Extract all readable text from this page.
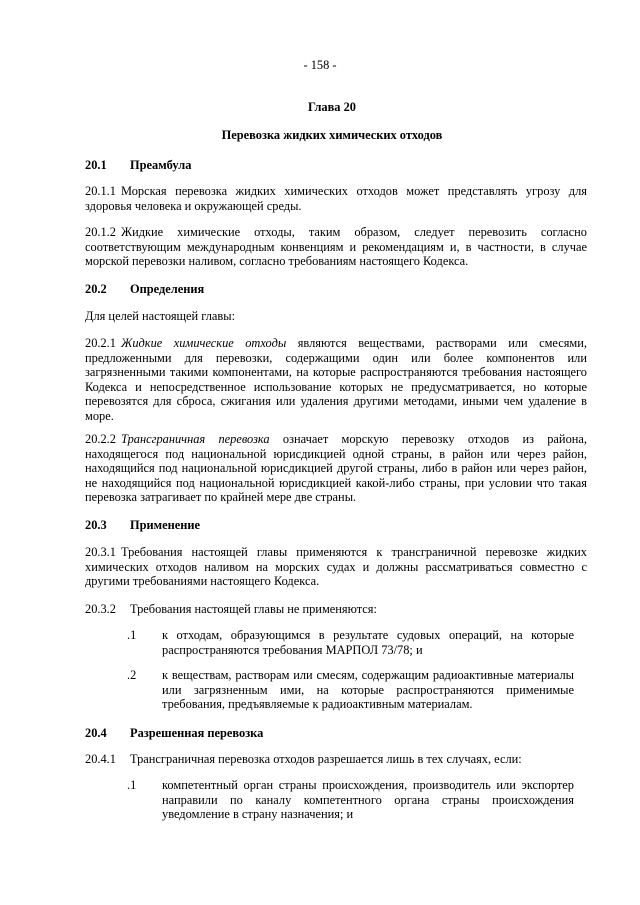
- 158 -
Глава 20
Перевозка жидких химических отходов
20.1 Преамбула

20.1.1 Морская перевозка жидких химических отходов может представлять угрозу для здоровья человека и окружающей среды.

20.1.2 Жидкие химические отходы, таким образом, следует перевозить согласно соответствующим международным конвенциям и рекомендациям и, в частности, в случае морской перевозки наливом, согласно требованиям настоящего Кодекса.

20.2 Определения

Для целей настоящей главы:

20.2.1 Жидкие химические отходы являются веществами, растворами или смесями, предложенными для перевозки, содержащими один или более компонентов или загрязненными такими компонентами, на которые распространяются требования настоящего Кодекса и непосредственное использование которых не предусматривается, но которые перевозятся для сброса, сжигания или удаления другими методами, иными чем удаление в море.

20.2.2 Трансграничная перевозка означает морскую перевозку отходов из района, находящегося под национальной юрисдикцией одной страны, в район или через район, находящийся под национальной юрисдикцией другой страны, либо в район или через район, не находящийся под национальной юрисдикцией какой-либо страны, при условии что такая перевозка затрагивает по крайней мере две страны.

20.3 Применение

20.3.1 Требования настоящей главы применяются к трансграничной перевозке жидких химических отходов наливом на морских судах и должны рассматриваться совместно с другими требованиями настоящего Кодекса.

20.3.2 Требования настоящей главы не применяются:
.1 к отходам, образующимся в результате судовых операций, на которые распространяются требования МАРПОЛ 73/78; и
.2 к веществам, растворам или смесям, содержащим радиоактивные материалы или загрязненным ими, на которые распространяются применимые требования, предъявляемые к радиоактивным материалам.
20.4 Разрешенная перевозка
20.4.1 Трансграничная перевозка отходов разрешается лишь в тех случаях, если:
.1 компетентный орган страны происхождения, производитель или экспортер направили по каналу компетентного органа страны происхождения уведомление в страну назначения; и
